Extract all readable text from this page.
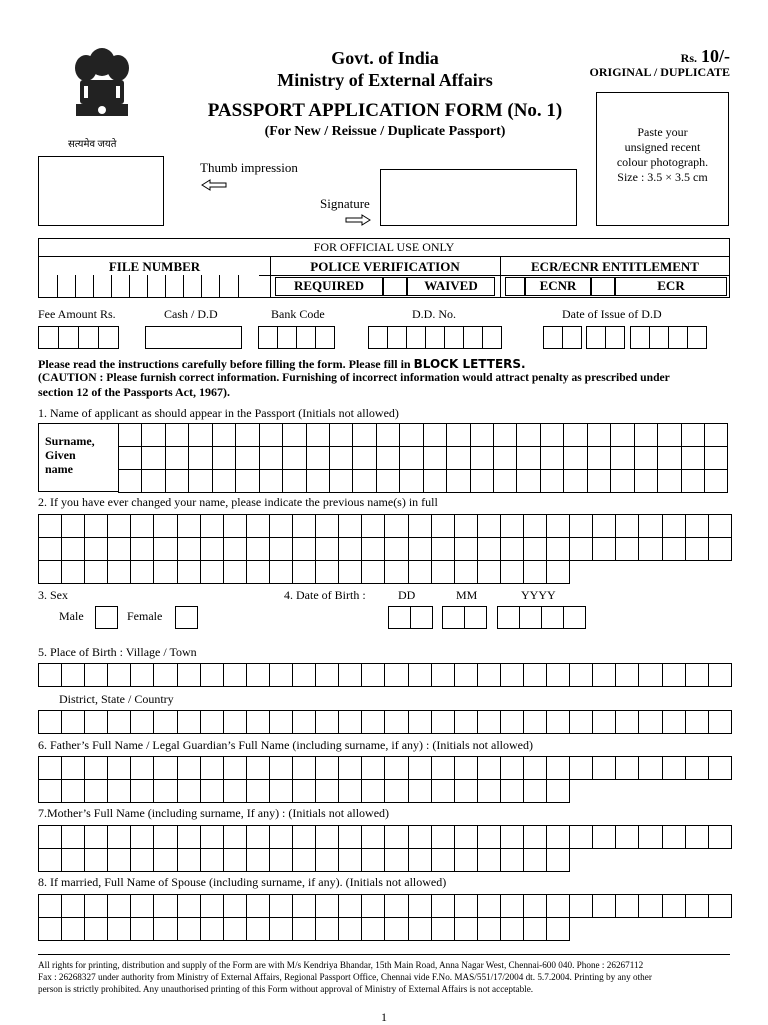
सत्यमेव जयते
Govt. of India
Ministry of External Affairs
PASSPORT APPLICATION FORM (No. 1)
(For New / Reissue / Duplicate Passport)
Rs. 10/-
ORIGINAL / DUPLICATE
Paste your
unsigned recent
colour photograph.
Size : 3.5 × 3.5 cm
Thumb impression
Signature
FOR OFFICIAL USE ONLY
FILE NUMBER	POLICE VERIFICATION	ECR/ECNR ENTITLEMENT
REQUIRED	WAIVED	ECNR	ECR
Fee Amount Rs.	Cash / D.D	Bank Code	D.D. No.	Date of Issue of D.D
Please read the instructions carefully before filling the form. Please fill in BLOCK LETTERS.
(CAUTION : Please furnish correct information. Furnishing of incorrect information would attract penalty as prescribed under
section 12 of the Passports Act, 1967).
1. Name of applicant as should appear in the Passport (Initials not allowed)
Surname,
Given
name
2. If you have ever changed your name, please indicate the previous name(s) in full
3. Sex
Male	Female
4. Date of Birth :	DD	MM	YYYY
5. Place of Birth : Village / Town
District, State / Country
6. Father’s Full Name / Legal Guardian’s Full Name (including surname, if any) : (Initials not allowed)
7.Mother’s Full Name (including surname, If any) : (Initials not allowed)
8. If married, Full Name of Spouse (including surname, if any). (Initials not allowed)
All rights for printing, distribution and supply of the Form are with M/s Kendriya Bhandar, 15th Main Road, Anna Nagar West, Chennai-600 040. Phone : 26267112
Fax : 26268327 under authority from Ministry of External Affairs, Regional Passport Office, Chennai vide F.No. MAS/551/17/2004 dt. 5.7.2004. Printing by any other
person is strictly prohibited. Any unauthorised printing of this Form without approval of Ministry of External Affairs is not acceptable.
1
